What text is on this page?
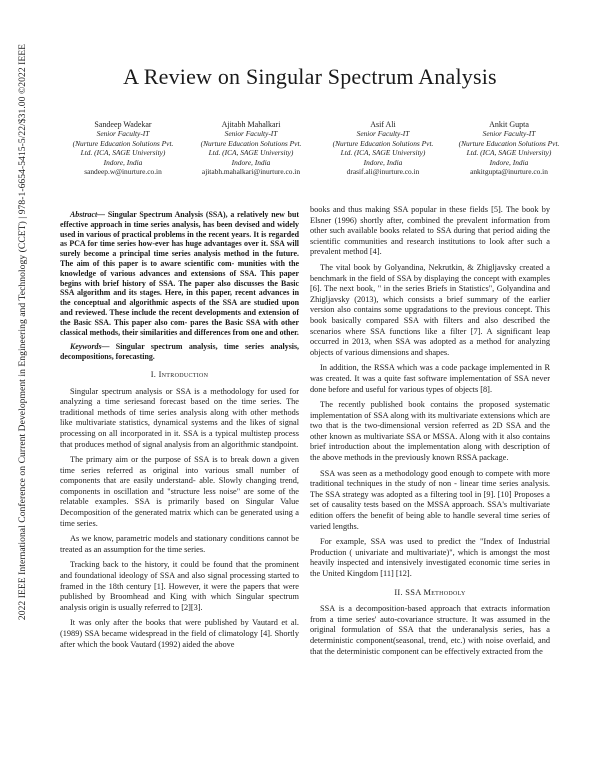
2022 IEEE International Conference on Current Development in Engineering and Technology (CCET) | 978-1-6654-5415-5/22/$31.00 ©2022 IEEE	A Review on Singular Spectrum Analysis
Sandeep Wadekar
Senior Faculty-IT
(Nurture Education Solutions Pvt.
Ltd. (ICA, SAGE University)
Indore, India
sandeep.w@inurture.co.in
Ajitabh Mahalkari
Senior Faculty-IT
(Nurture Education Solutions Pvt.
Ltd. (ICA, SAGE University)
Indore, India
ajitabh.mahalkari@inurture.co.in
Asif Ali
Senior Faculty-IT
(Nurture Education Solutions Pvt.
Ltd. (ICA, SAGE University)
Indore, India
drasif.ali@inurture.co.in
Ankit Gupta
Senior Faculty-IT
(Nurture Education Solutions Pvt.
Ltd. (ICA, SAGE University)
Indore, India
ankitgupta@inurture.co.in

Abstract— Singular Spectrum Analysis (SSA), a relatively new but effective approach in time series analysis, has been devised and widely used in various of practical problems in the recent years. It is regarded as PCA for time series how-ever has huge advantages over it. SSA will surely become a principal time series analysis method in the future. The aim of this paper is to aware scientific com- munities with the knowledge of various advances and extensions of SSA. This paper begins with brief history of SSA. The paper also discusses the Basic SSA algorithm and its stages. Here, in this paper, recent advances in the conceptual and algorithmic aspects of the SSA are studied upon and reviewed. These include the recent developments and extension of the Basic SSA. This paper also com- pares the Basic SSA with other classical methods, their similarities and differences from one and other.

Keywords— Singular spectrum analysis, time series analysis, decompositions, forecasting.

I. Introduction

Singular spectrum analysis or SSA is a methodology for used for analyzing a time seriesand forecast based on the time series. The traditional methods of time series analysis along with other methods like multivariate statistics, dynamical systems and the likes of signal processing on all incorporated in it. SSA is a typical multistep process that produces method of signal analysis from an algorithmic standpoint.

The primary aim or the purpose of SSA is to break down a given time series referred as original into various small number of components that are easily understand- able. Slowly changing trend, components in oscillation and "structure less noise" are some of the relatable examples. SSA is primarily based on Singular Value Decomposition of the generated matrix which can be generated using a time series.

As we know, parametric models and stationary conditions cannot be treated as an assumption for the time series.

Tracking back to the history, it could be found that the prominent and foundational ideology of SSA and also signal processing started to framed in the 18th century [1]. However, it were the papers that were published by Broomhead and King with which Singular spectrum analysis origin is usually referred to [2][3].

It was only after the books that were published by Vautard et al. (1989) SSA became widespread in the field of climatology [4]. Shortly after which the book Vautard (1992) aided the above

books and thus making SSA popular in these fields [5]. The book by Elsner (1996) shortly after, combined the prevalent information from other such available books related to SSA during that period aiding the scientific communities and research institutions to look after such a prevalent method [4].

The vital book by Golyandina, Nekrutkin, & Zhigljavsky created a benchmark in the field of SSA by displaying the concept with examples [6]. The next book, " in the series Briefs in Statistics", Golyandina and Zhigljavsky (2013), which consists a brief summary of the earlier version also contains some upgradations to the previous concept. This book basically compared SSA with filters and also described the scenarios where SSA functions like a filter [7]. A significant leap occurred in 2013, when SSA was adopted as a method for analyzing objects of various dimensions and shapes.

In addition, the RSSA which was a code package implemented in R was created. It was a quite fast software implementation of SSA never done before and useful for various types of objects [8].

The recently published book contains the proposed systematic implementation of SSA along with its multivariate extensions which are two that is the two-dimensional version referred as 2D SSA and the other known as multivariate SSA or MSSA. Along with it also contains brief introduction about the implementation along with description of the above methods in the previously known RSSA package.

SSA was seen as a methodology good enough to compete with more traditional techniques in the study of non - linear time series analysis. The SSA strategy was adopted as a filtering tool in [9]. [10] Proposes a set of causality tests based on the MSSA approach. SSA's multivariate edition offers the benefit of being able to handle several time series of varied lengths.

For example, SSA was used to predict the "Index of Industrial Production ( univariate and multivariate)", which is amongst the most heavily inspected and intensively investigated economic time series in the United Kingdom [11] [12].

II. SSA Methodoly

SSA is a decomposition-based approach that extracts information from a time series' auto-covariance structure. It was assumed in the original formulation of SSA that the underanalysis series, has a deterministic component(seasonal, trend, etc.) with noise overlaid, and that the deterministic component can be effectively extracted from the
